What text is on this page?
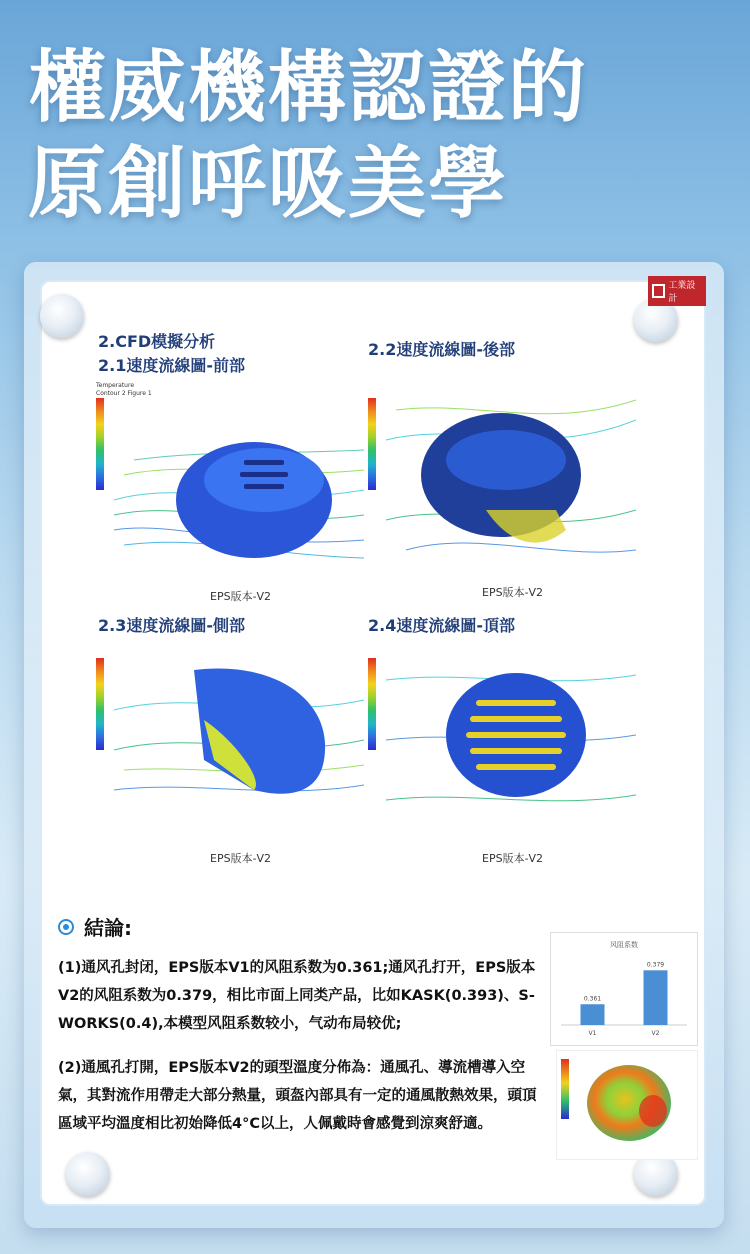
權威機構認證的
原創呼吸美學
工業設計
2.CFD模擬分析
2.1速度流線圖-前部
2.2速度流線圖-後部
2.3速度流線圖-側部	2.4速度流線圖-頂部
Temperature
Contour 2 Figure 1
EPS版本-V2	EPS版本-V2
EPS版本-V2	EPS版本-V2
結論:
(1)通风孔封闭，EPS版本V1的风阻系数为0.361;通风孔打开，EPS版本V2的风阻系数为0.379，相比市面上同类产品，比如KASK(0.393)、S-WORKS(0.4),本模型风阻系数较小，气动布局较优;
(2)通風孔打開，EPS版本V2的頭型溫度分佈為：通風孔、導流槽導入空氣，其對流作用帶走大部分熱量，頭盔內部具有一定的通風散熱效果，頭頂區域平均溫度相比初始降低4°C以上，人佩戴時會感覺到涼爽舒適。
风阻系数
0.361
V1
0.379
V2
